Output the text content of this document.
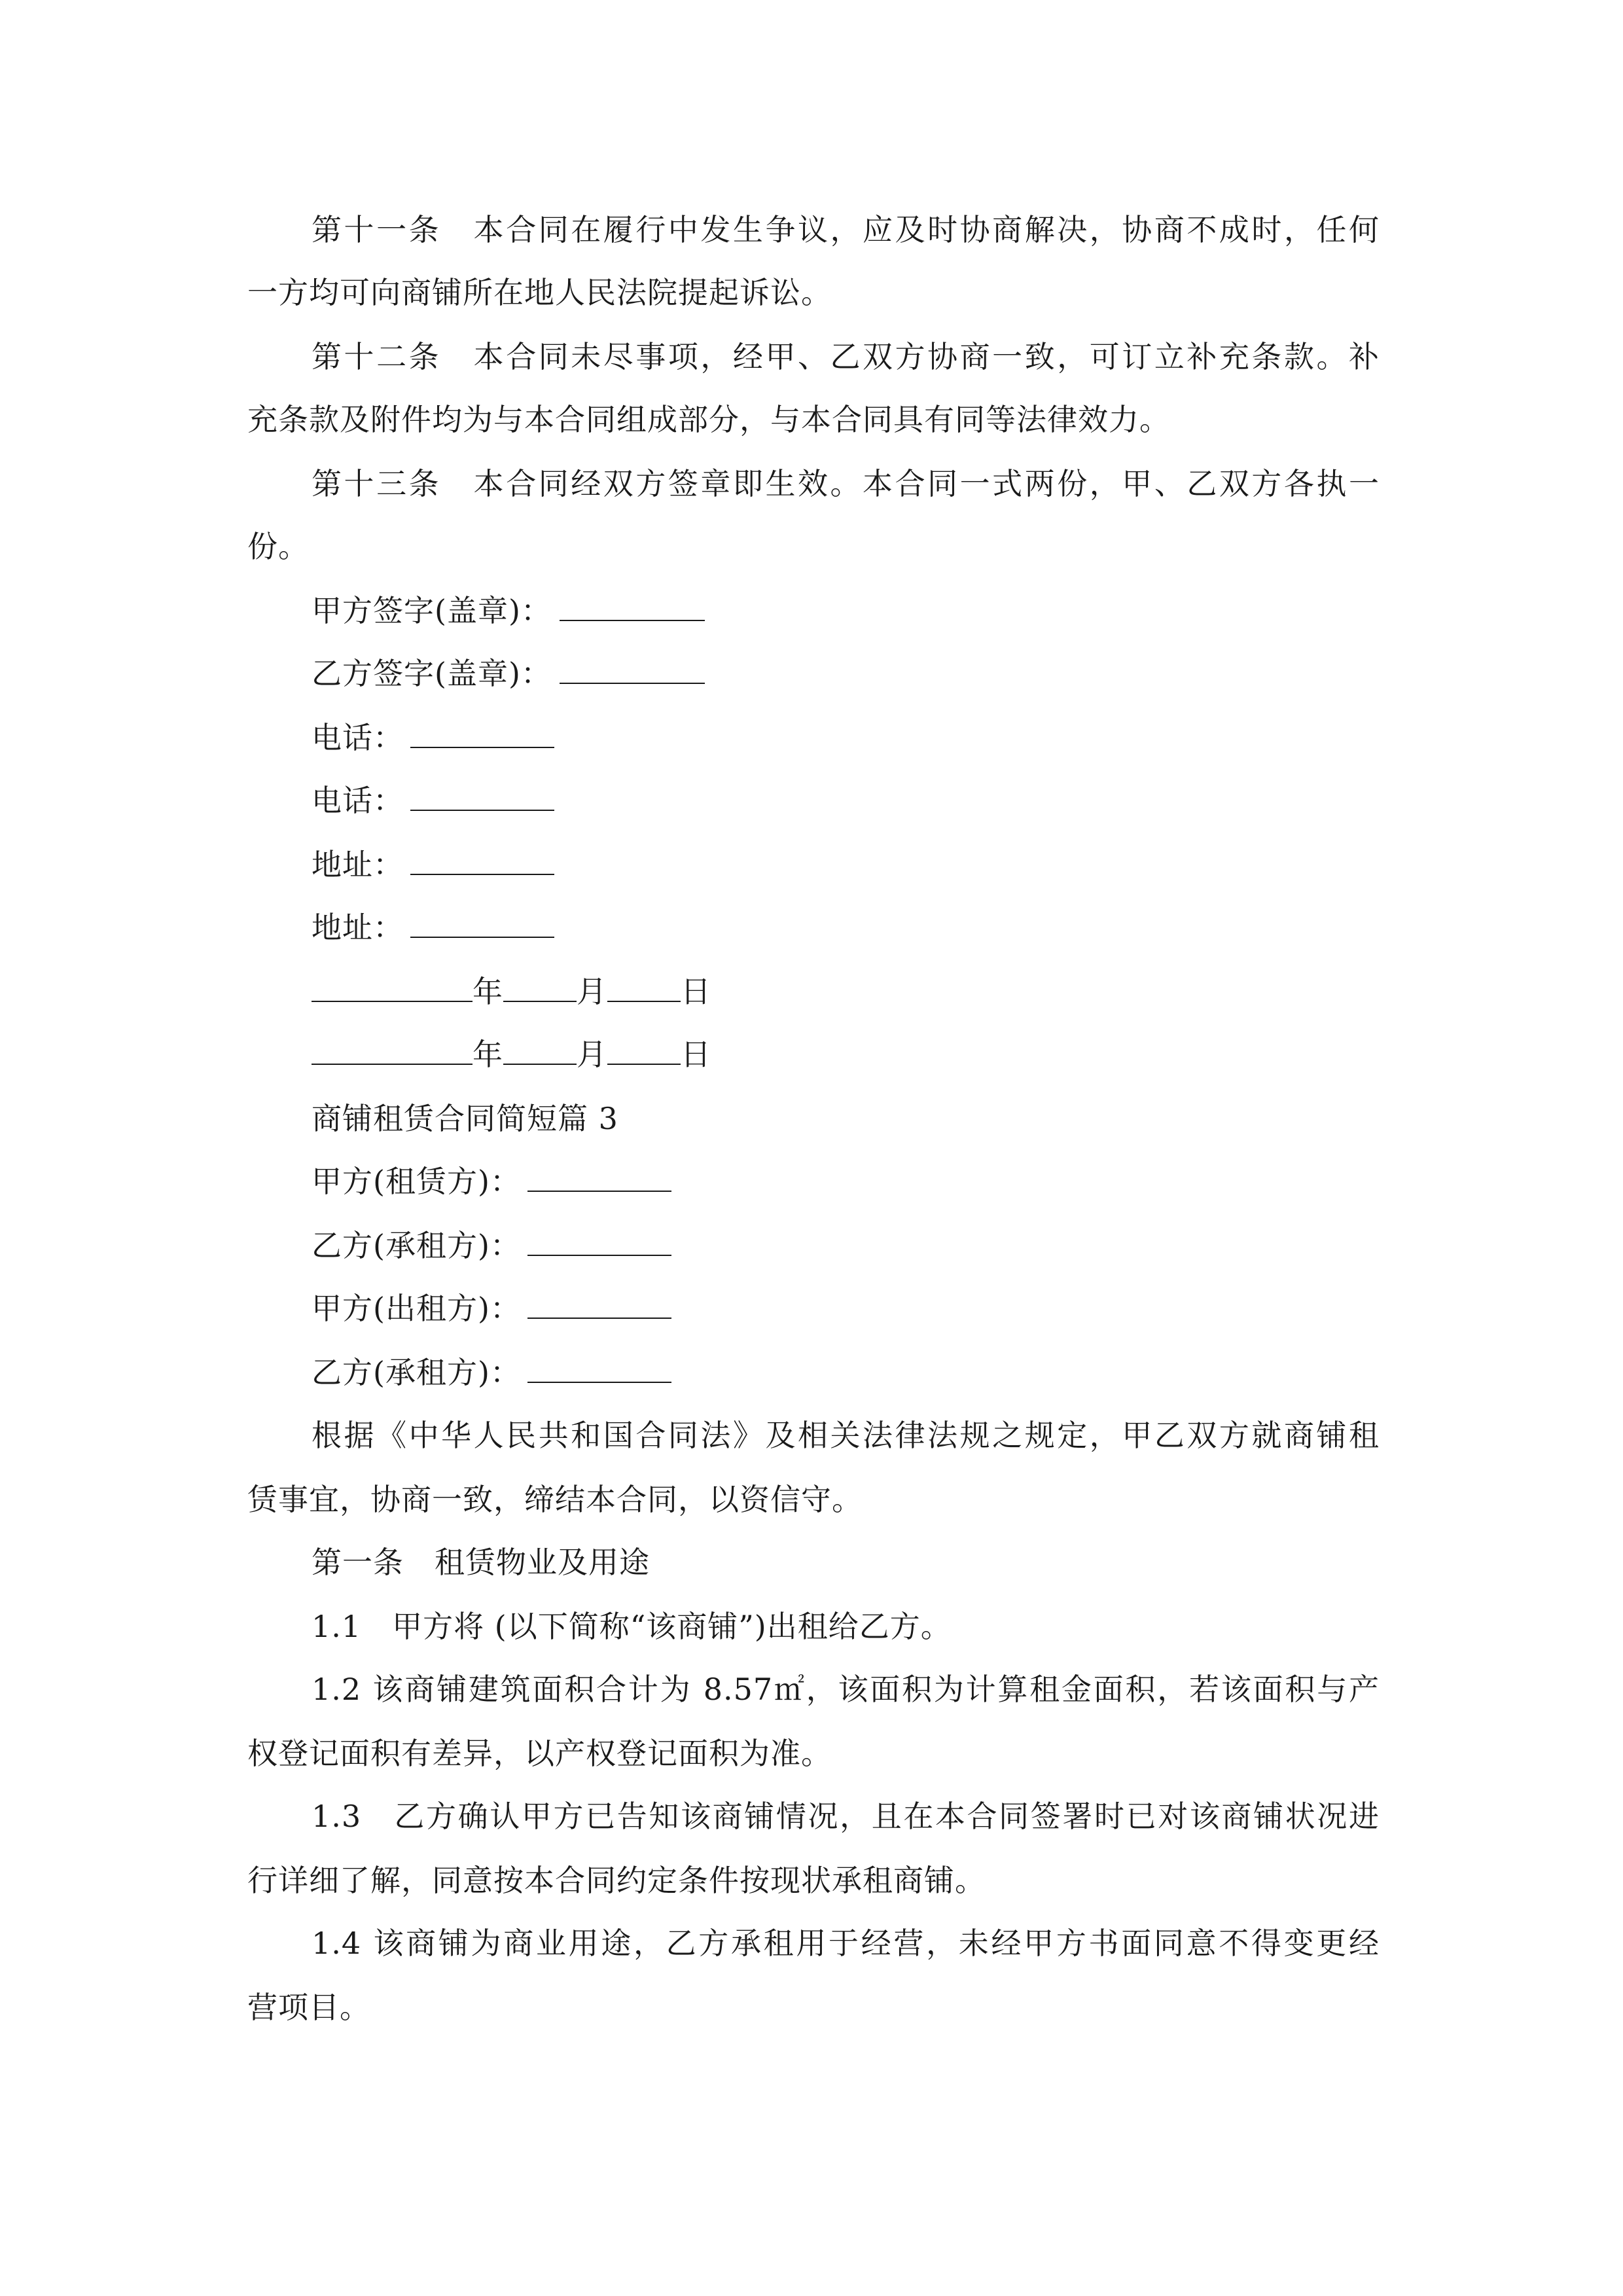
第十一条　本合同在履行中发生争议，应及时协商解决，协商不成时，任何
一方均可向商铺所在地人民法院提起诉讼。
第十二条　本合同未尽事项，经甲、乙双方协商一致，可订立补充条款。补
充条款及附件均为与本合同组成部分，与本合同具有同等法律效力。
第十三条　本合同经双方签章即生效。本合同一式两份，甲、乙双方各执一
份。
甲方签字(盖章)：
乙方签字(盖章)：
电话：
电话：
地址：
地址：
年 月 日
年 月 日
商铺租赁合同简短篇 3
甲方(租赁方)：
乙方(承租方)：
甲方(出租方)：
乙方(承租方)：
根据《中华人民共和国合同法》及相关法律法规之规定，甲乙双方就商铺租
赁事宜，协商一致，缔结本合同，以资信守。
第一条　租赁物业及用途
1.1　甲方将 (以下简称“该商铺”)出租给乙方。
1.2 该商铺建筑面积合计为 8.57㎡，该面积为计算租金面积，若该面积与产
权登记面积有差异，以产权登记面积为准。
1.3　乙方确认甲方已告知该商铺情况，且在本合同签署时已对该商铺状况进
行详细了解，同意按本合同约定条件按现状承租商铺。
1.4 该商铺为商业用途，乙方承租用于经营，未经甲方书面同意不得变更经
营项目。
